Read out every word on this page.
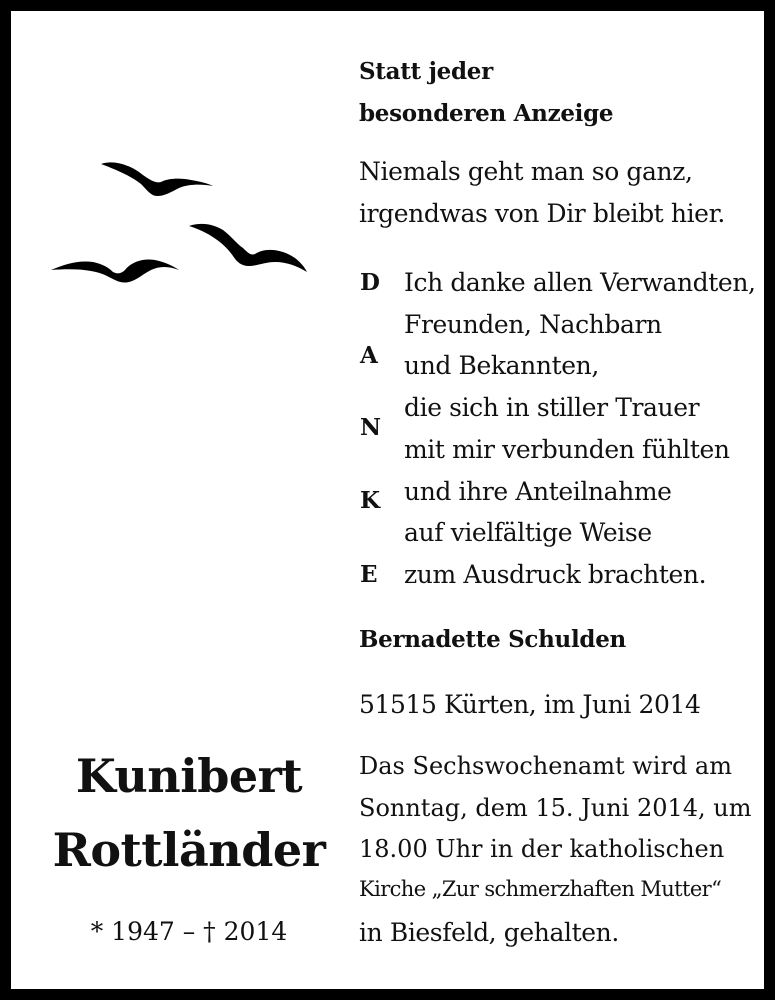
Kunibert
Rottländer
* 1947 – † 2014
Statt jeder
besonderen Anzeige
Niemals geht man so ganz,
irgendwas von Dir bleibt hier.
D
A
N
K
E
Ich danke allen Verwandten,
Freunden, Nachbarn
und Bekannten,
die sich in stiller Trauer
mit mir verbunden fühlten
und ihre Anteilnahme
auf vielfältige Weise
zum Ausdruck brachten.
Bernadette Schulden
51515 Kürten, im Juni 2014
Das Sechswochenamt wird am
Sonntag, dem 15. Juni 2014, um
18.00 Uhr in der katholischen
Kirche „Zur schmerzhaften Mutter“
in Biesfeld, gehalten.
